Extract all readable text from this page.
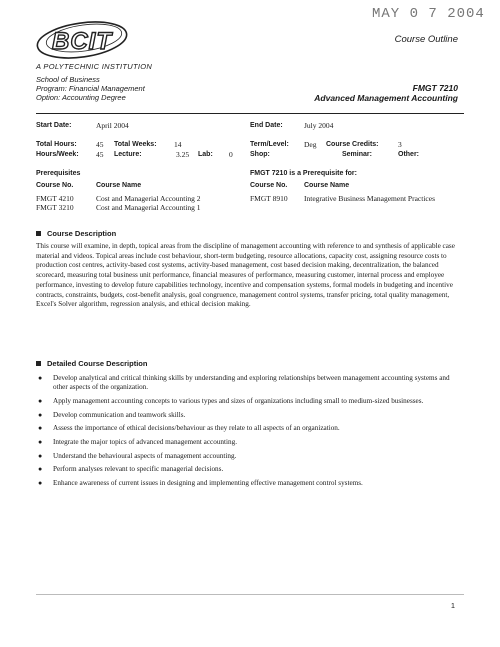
MAY 0 7 2004
Course Outline
BCIT
A POLYTECHNIC INSTITUTION
School of Business
Program: Financial Management
Option: Accounting Degree
FMGT 7210
Advanced Management Accounting
Start Date:	April 2004	End Date:	July 2004
Total Hours:	45 Total Weeks: 14	Term/Level: Deg Course Credits:	3
Hours/Week: 45 Lecture:	3.25 Lab: 0 Shop:	Seminar:	Other:
Prerequisites
Course No.	Course Name
FMGT 4210	Cost and Managerial Accounting 2
FMGT 3210	Cost and Managerial Accounting 1
FMGT 7210 is a Prerequisite for:
Course No. Course Name
FMGT 8910 Integrative Business Management Practices
Course Description
This course will examine, in depth, topical areas from the discipline of management accounting with reference to and synthesis of applicable case material and videos. Topical areas include cost behaviour, short-term budgeting, resource allocations, capacity cost, assigning resource costs to production cost centres, activity-based cost systems, activity-based management, cost based decision making, decentralization, the balanced scorecard, measuring total business unit performance, financial measures of performance, measuring customer, internal process and employee performance, investing to develop future capabilities technology, incentive and compensation systems, formal models in budgeting and incentive contracts, constraints, budgets, cost-benefit analysis, goal congruence, management control systems, transfer pricing, total quality management, Excel's Solver algorithm, regression analysis, and ethical decision making.
Detailed Course Description
● Develop analytical and critical thinking skills by understanding and exploring relationships between management accounting systems and other aspects of the organization.
● Apply management accounting concepts to various types and sizes of organizations including small to medium-sized businesses.
● Develop communication and teamwork skills.
● Assess the importance of ethical decisions/behaviour as they relate to all aspects of an organization.
● Integrate the major topics of advanced management accounting.
● Understand the behavioural aspects of management accounting.
● Perform analyses relevant to specific managerial decisions.
● Enhance awareness of current issues in designing and implementing effective management control systems.
1
